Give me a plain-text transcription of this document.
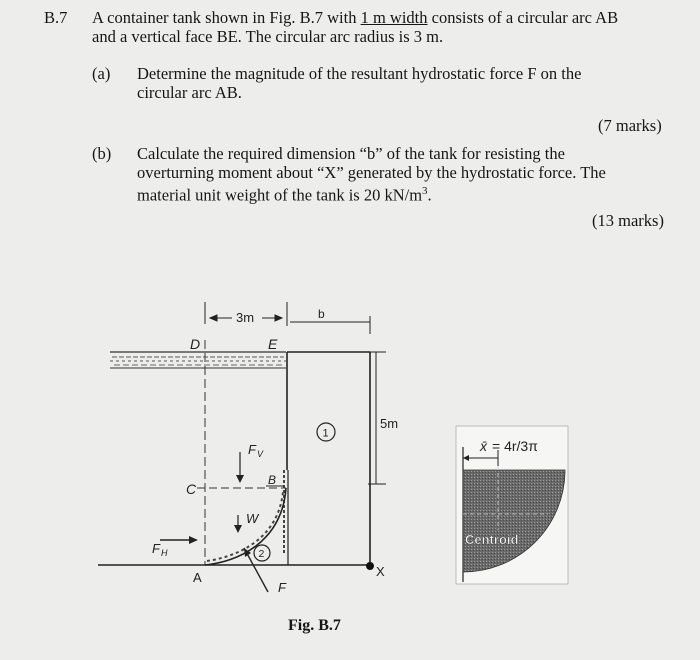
B.7 A container tank shown in Fig. B.7 with 1 m width consists of a circular arc AB
and a vertical face BE. The circular arc radius is 3 m.
(a) Determine the magnitude of the resultant hydrostatic force F on the
circular arc AB.
(7 marks)
(b) Calculate the required dimension “b” of the tank for resisting the
overturning moment about “X” generated by the hydrostatic force. The
material unit weight of the tank is 20 $kN/m^3$.
(13 marks)
3m	b
D	E
5m
1
C
B
F V
W
F H	2
X
A
F
x̄ = 4r/3π
Centroid
Fig. B.7
